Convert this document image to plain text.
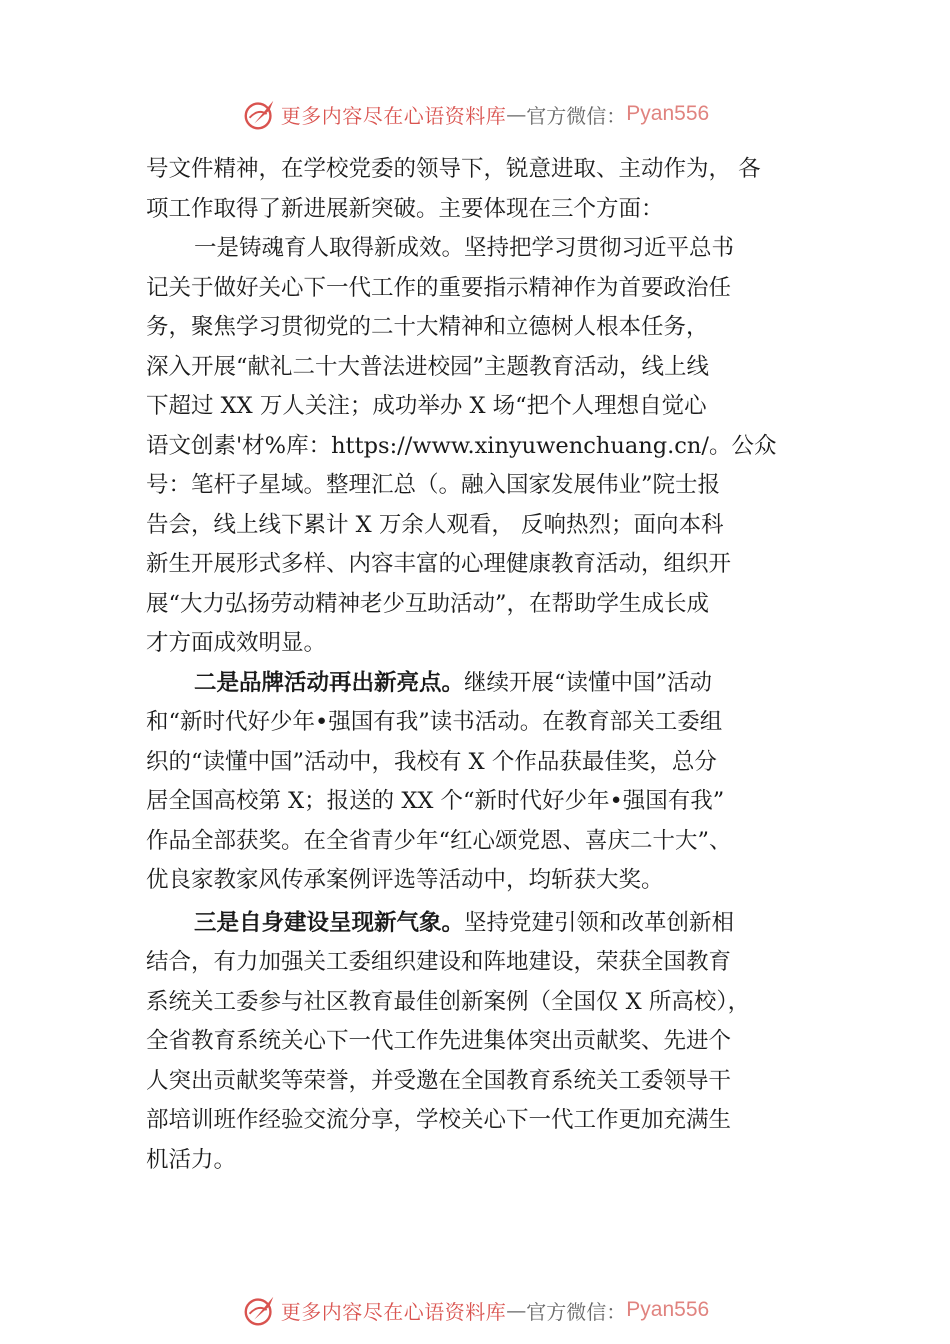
更多内容尽在心语资料库 — 官方微信： Pyan556
号文件精神，在学校党委的领导下，锐意进取、主动作为， 各
项工作取得了新进展新突破。主要体现在三个方面：
一是铸魂育人取得新成效。坚持把学习贯彻习近平总书
记关于做好关心下一代工作的重要指示精神作为首要政治任
务，聚焦学习贯彻党的二十大精神和立德树人根本任务，
深入开展“献礼二十大普法进校园”主题教育活动，线上线
下超过 XX 万人关注；成功举办 X 场“把个人理想自觉心
语文创素'材%库：https://www.xinyuwenchuang.cn/。公众
号：笔杆子星域。整理汇总（。融入国家发展伟业”院士报
告会，线上线下累计 X 万余人观看， 反响热烈；面向本科
新生开展形式多样、内容丰富的心理健康教育活动，组织开
展“大力弘扬劳动精神老少互助活动”，在帮助学生成长成
才方面成效明显。
二是品牌活动再出新亮点。继续开展“读懂中国”活动
和“新时代好少年•强国有我”读书活动。在教育部关工委组
织的“读懂中国”活动中，我校有 X 个作品获最佳奖，总分
居全国高校第 X；报送的 XX 个“新时代好少年•强国有我”
作品全部获奖。在全省青少年“红心颂党恩、喜庆二十大”、
优良家教家风传承案例评选等活动中，均斩获大奖。
三是自身建设呈现新气象。坚持党建引领和改革创新相
结合，有力加强关工委组织建设和阵地建设，荣获全国教育
系统关工委参与社区教育最佳创新案例（全国仅 X 所高校），
全省教育系统关心下一代工作先进集体突出贡献奖、先进个
人突出贡献奖等荣誉，并受邀在全国教育系统关工委领导干
部培训班作经验交流分享，学校关心下一代工作更加充满生
机活力。
更多内容尽在心语资料库 — 官方微信： Pyan556
